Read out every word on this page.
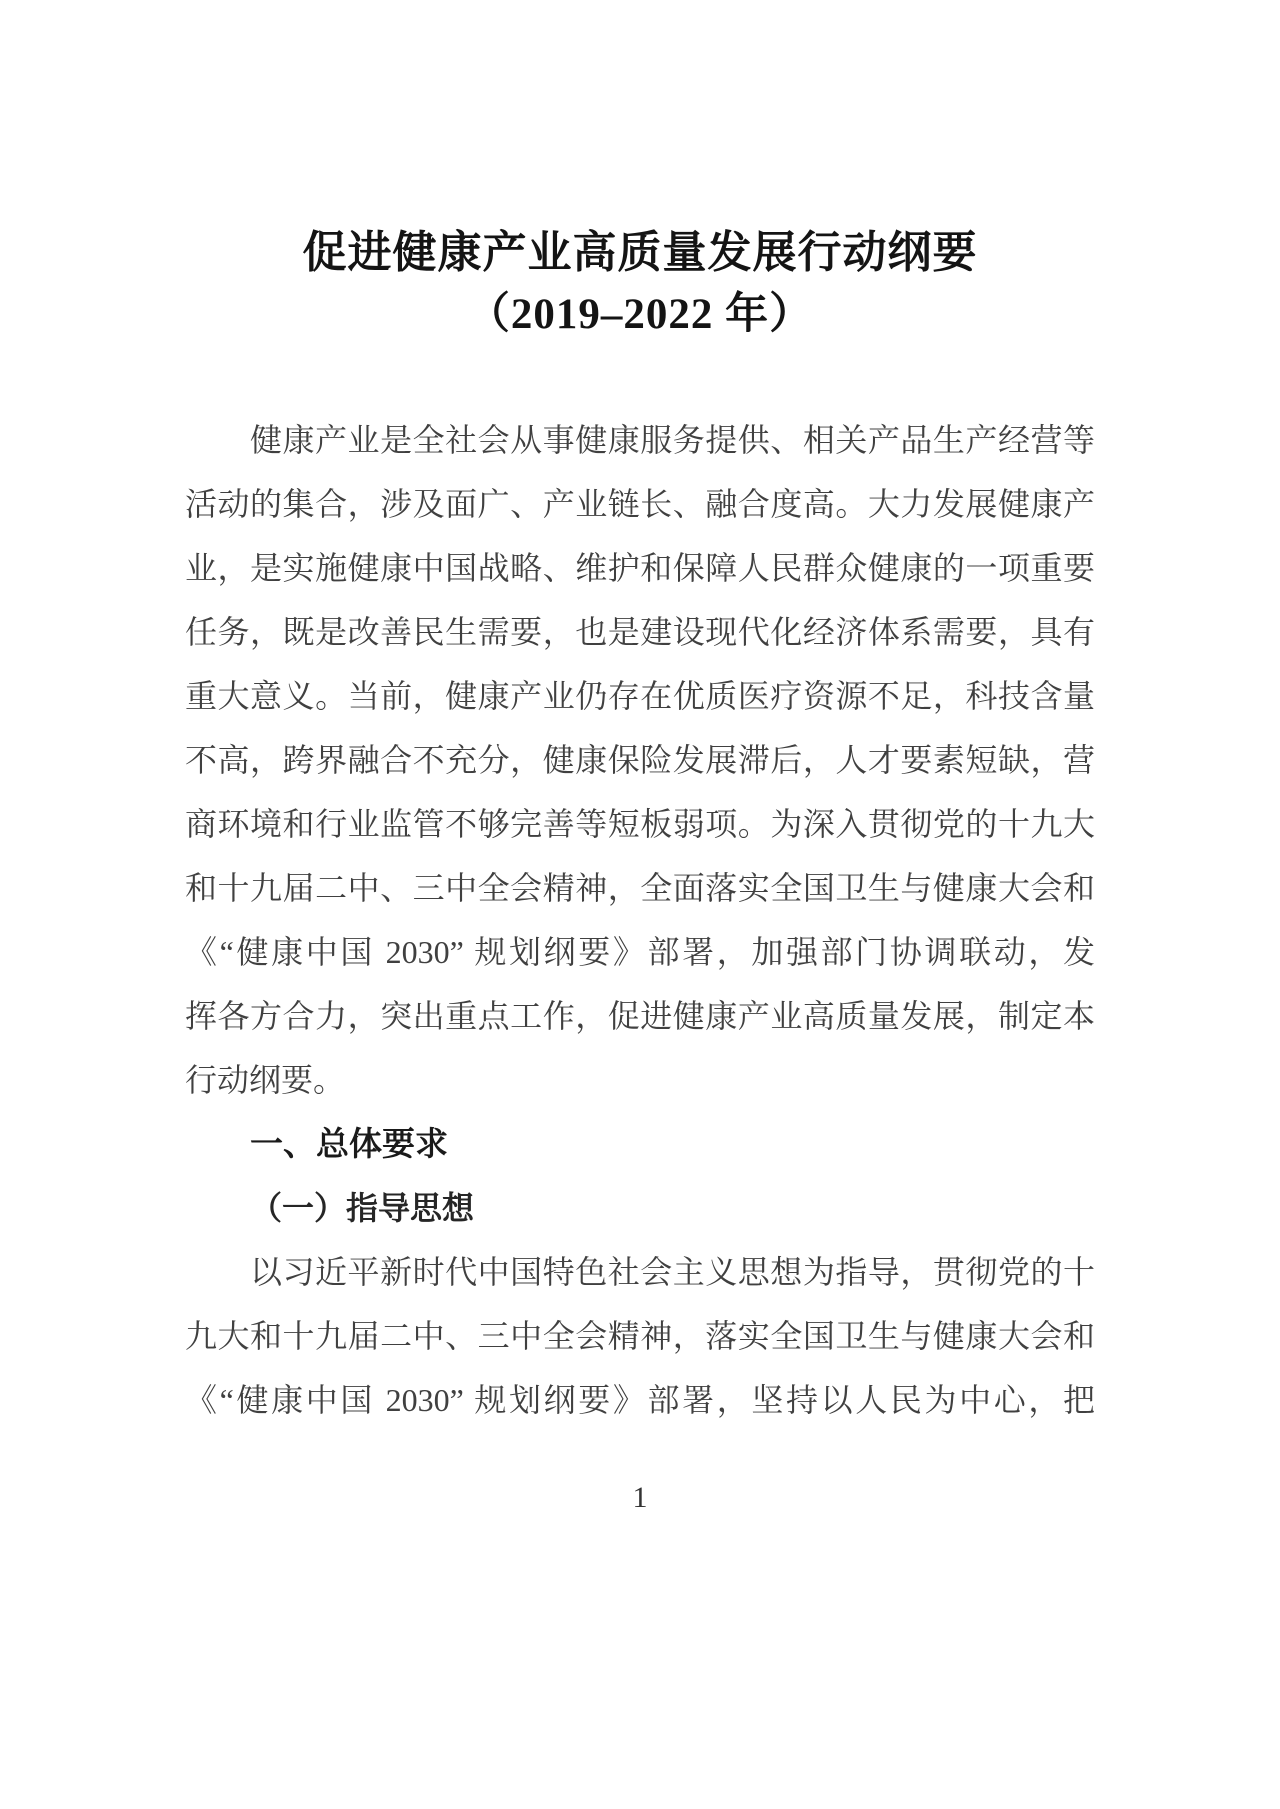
促进健康产业高质量发展行动纲要
（2019–2022 年）
健康产业是全社会从事健康服务提供、相关产品生产经营等
活动的集合，涉及面广、产业链长、融合度高。大力发展健康产
业，是实施健康中国战略、维护和保障人民群众健康的一项重要
任务，既是改善民生需要，也是建设现代化经济体系需要，具有
重大意义。当前，健康产业仍存在优质医疗资源不足，科技含量
不高，跨界融合不充分，健康保险发展滞后，人才要素短缺，营
商环境和行业监管不够完善等短板弱项。为深入贯彻党的十九大
和十九届二中、三中全会精神，全面落实全国卫生与健康大会和
《“健康中国 2030” 规划纲要》部署，加强部门协调联动，发
挥各方合力，突出重点工作，促进健康产业高质量发展，制定本
行动纲要。
一、总体要求
（一）指导思想
以习近平新时代中国特色社会主义思想为指导，贯彻党的十
九大和十九届二中、三中全会精神，落实全国卫生与健康大会和
《“健康中国 2030” 规划纲要》部署，坚持以人民为中心，把
1
